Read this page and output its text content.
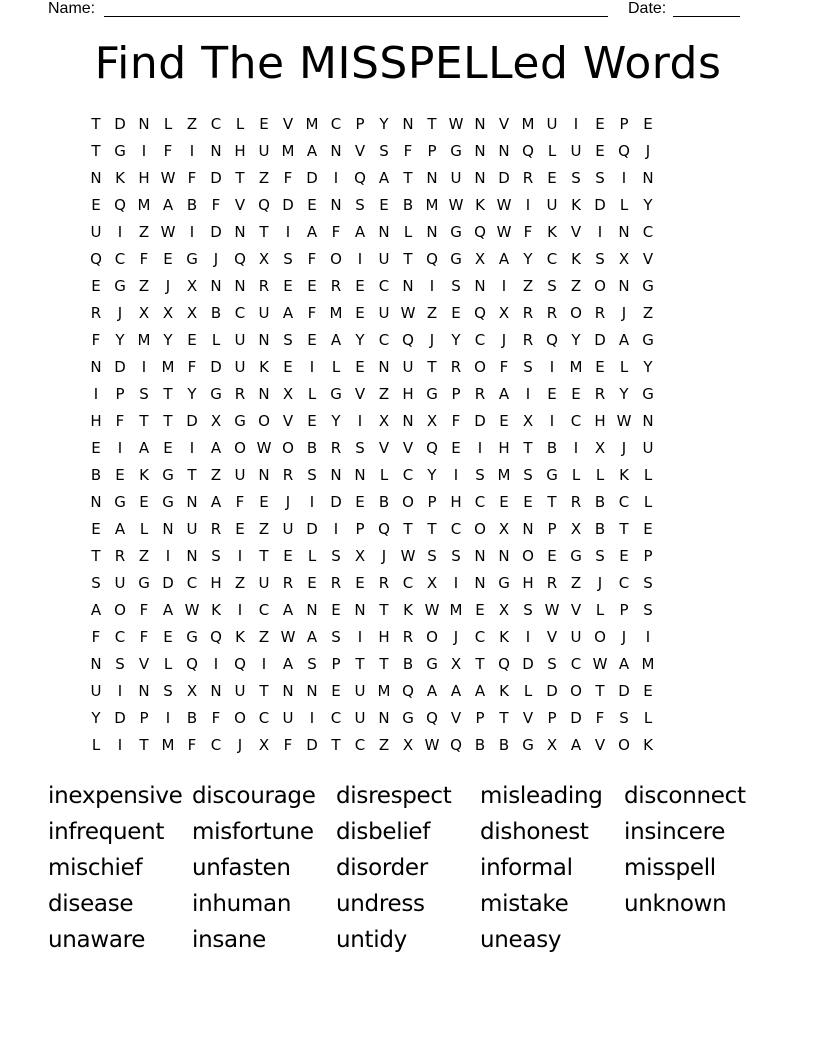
Name:	Date:
Find The MISSPELLed Words
T D N L Z C L	E V M C P Y N T W N V M U	I	E P E
T G	I	F	I	N H U M A N V S F	P G N N Q L U E Q	J
N K H W F D T Z F D	I	Q A T N U N D R E S S	I	N
E Q M A B F V Q D E N S E B M W K W I	U K D L	Y
U	I	Z W I	D N T	I	A F A N L N G Q W F K V	I	N C
Q C F E G	J	Q X S F O	I	U T Q G X A Y C K S X V
E G Z	J	X N N R E E R E C N	I	S N	I	Z S Z O N G
R	J	X X X B C U A F M E U W Z E Q X R R O R	J	Z
F	Y M Y E	L U N S E A Y C Q	J	Y C	J	R Q Y D A G
N D	I	M F D U K E	I	L	E N U T R O F S	I	M E	L	Y
I	P S T Y G R N X L G V Z H G P R A	I	E E R Y G
H F	T T D X G O V E Y	I	X N X F D E X	I	C H W N
E	I	A E	I	A O W O B R S V V Q E	I	H T B	I	X	J	U
B E K G T Z U N R S N N L C Y	I	S M S G L	L K L
N G E G N A F E	J	I	D E B O P H C E E T R B C L
E A L N U R E Z U D	I	P Q T T C O X N P X B T E
T R Z	I	N S	I	T E	L	S X	J W S S N N O E G S E P
S U G D C H Z U R E R E R C X	I	N G H R Z	J	C S
A O F A W K	I	C A N E N T K W M E X S W V L	P S
F C F E G Q K Z W A S	I	H R O	J	C K	I	V U O	J	I
N S V L Q	I	Q	I	A S P T T B G X T Q D S C W A M
U	I	N S X N U T N N E U M Q A A A K L D O T D E
Y D P	I	B F O C U	I	C U N G Q V P T V P D F S	L
L	I	T M F C	J	X F D T C Z X W Q B B G X A V O K
inexpensive discourage disrespect	misleading disconnect
infrequent	misfortune disbelief	dishonest	insincere
mischief	unfasten	disorder	informal	misspell
disease	inhuman	undress	mistake	unknown
unaware	insane	untidy	uneasy
